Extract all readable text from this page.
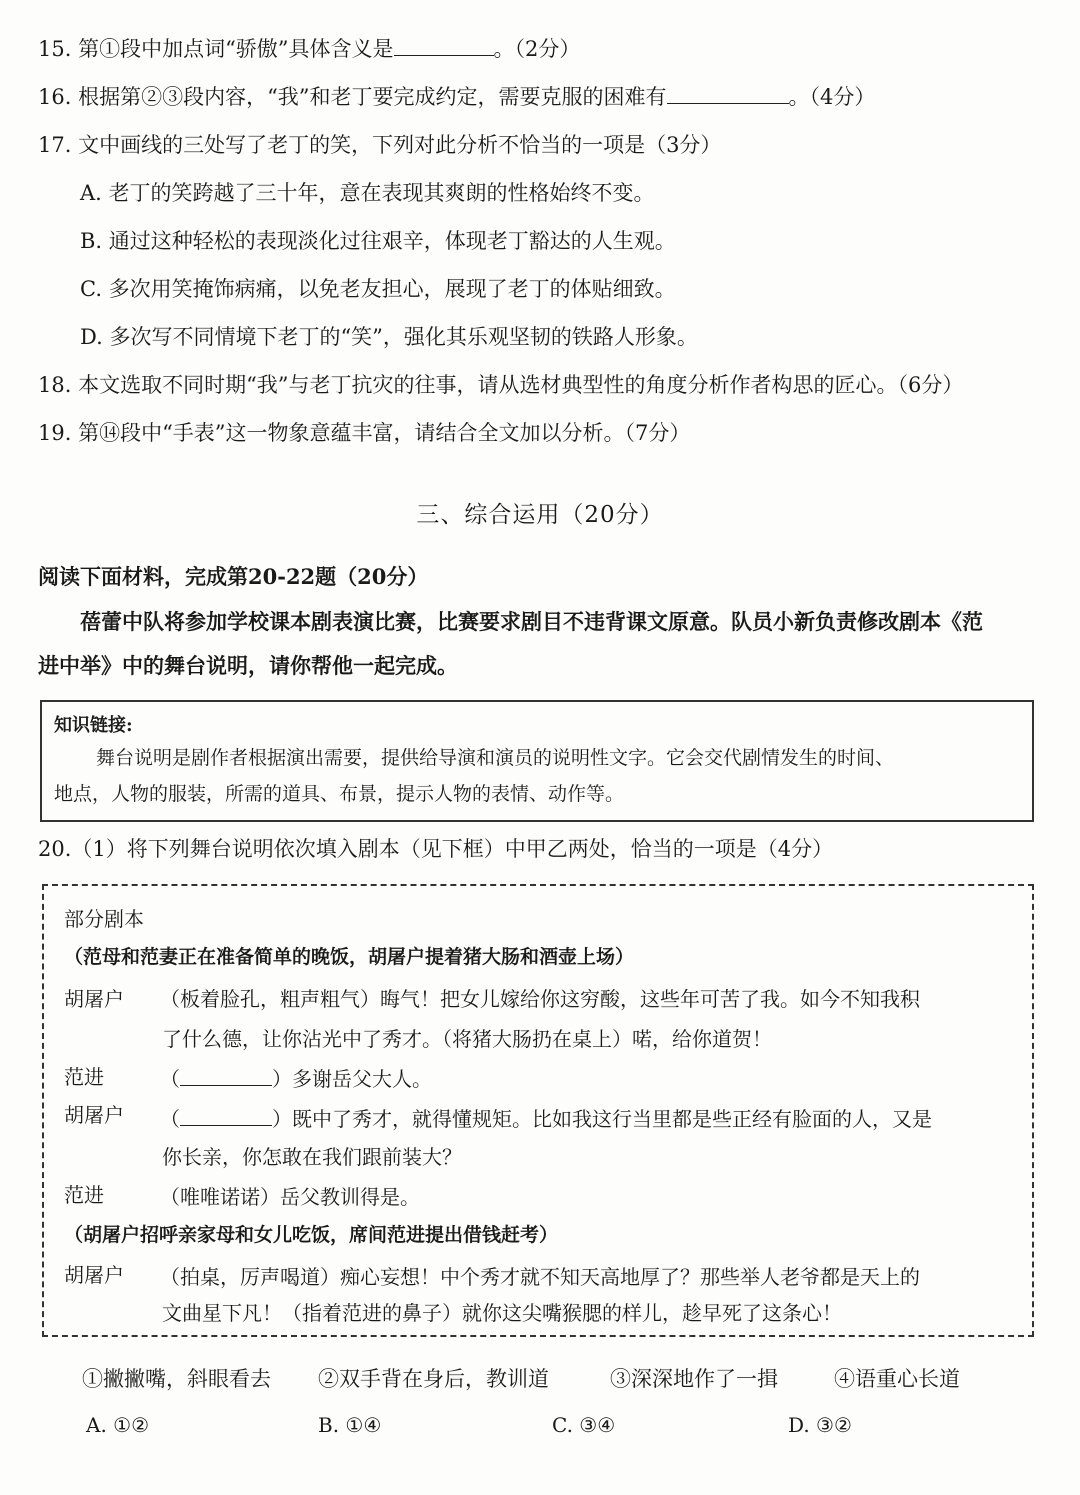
15. 第①段中加点词“骄傲”具体含义是	。（2分）
16. 根据第②③段内容，“我”和老丁要完成约定，需要克服的困难有	。（4分）
17. 文中画线的三处写了老丁的笑，下列对此分析不恰当的一项是（3分）
A. 老丁的笑跨越了三十年，意在表现其爽朗的性格始终不变。
B. 通过这种轻松的表现淡化过往艰辛，体现老丁豁达的人生观。
C. 多次用笑掩饰病痛，以免老友担心，展现了老丁的体贴细致。
D. 多次写不同情境下老丁的“笑”，强化其乐观坚韧的铁路人形象。
18. 本文选取不同时期“我”与老丁抗灾的往事，请从选材典型性的角度分析作者构思的匠心。（6分）
19. 第⑭段中“手表”这一物象意蕴丰富，请结合全文加以分析。（7分）
三、综合运用（20分）
阅读下面材料，完成第20-22题（20分）
蓓蕾中队将参加学校课本剧表演比赛，比赛要求剧目不违背课文原意。队员小新负责修改剧本《范
进中举》中的舞台说明，请你帮他一起完成。
知识链接:
舞台说明是剧作者根据演出需要，提供给导演和演员的说明性文字。它会交代剧情发生的时间、
地点，人物的服装，所需的道具、布景，提示人物的表情、动作等。
20.（1）将下列舞台说明依次填入剧本（见下框）中甲乙两处，恰当的一项是（4分）
部分剧本
（范母和范妻正在准备简单的晚饭，胡屠户提着猪大肠和酒壶上场）
胡屠户 （板着脸孔，粗声粗气）晦气！把女儿嫁给你这穷酸，这些年可苦了我。如今不知我积
了什么德，让你沾光中了秀才。（将猪大肠扔在桌上）喏，给你道贺！
范进	（	）多谢岳父大人。
胡屠户 （	）既中了秀才，就得懂规矩。比如我这行当里都是些正经有脸面的人，又是
你长亲，你怎敢在我们跟前装大？
范进	（唯唯诺诺）岳父教训得是。
（胡屠户招呼亲家母和女儿吃饭，席间范进提出借钱赶考）
胡屠户 （拍桌，厉声喝道）痴心妄想！中个秀才就不知天高地厚了？那些举人老爷都是天上的
文曲星下凡！（指着范进的鼻子）就你这尖嘴猴腮的样儿，趁早死了这条心！
①撇撇嘴，斜眼看去 ②双手背在身后，教训道	③深深地作了一揖	④语重心长道
A. ①②	B. ①④	C. ③④	D. ③②
